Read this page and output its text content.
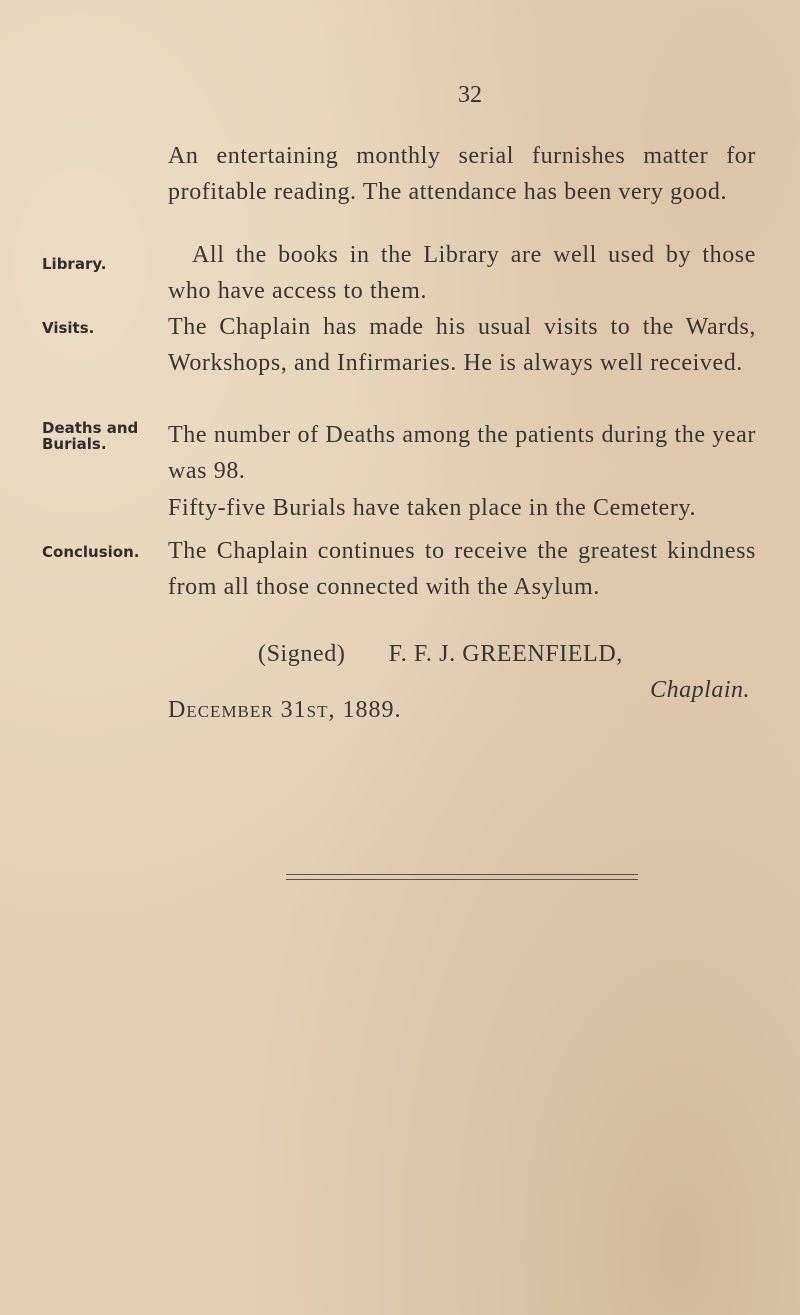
32

An entertaining monthly serial furnishes matter for profitable reading. The attendance has been very good.

Library.	All the books in the Library are well used by those who have access to them.

Visits.	The Chaplain has made his usual visits to the Wards, Workshops, and Infirmaries. He is always well received.

Deaths and
Burials.	The number of Deaths among the patients during the year was 98.

Fifty-five Burials have taken place in the Cemetery.

Conclusion.	The Chaplain continues to receive the greatest kindness from all those connected with the Asylum.

(Signed) F. F. J. GREENFIELD,
Chaplain.
December 31st, 1889.
